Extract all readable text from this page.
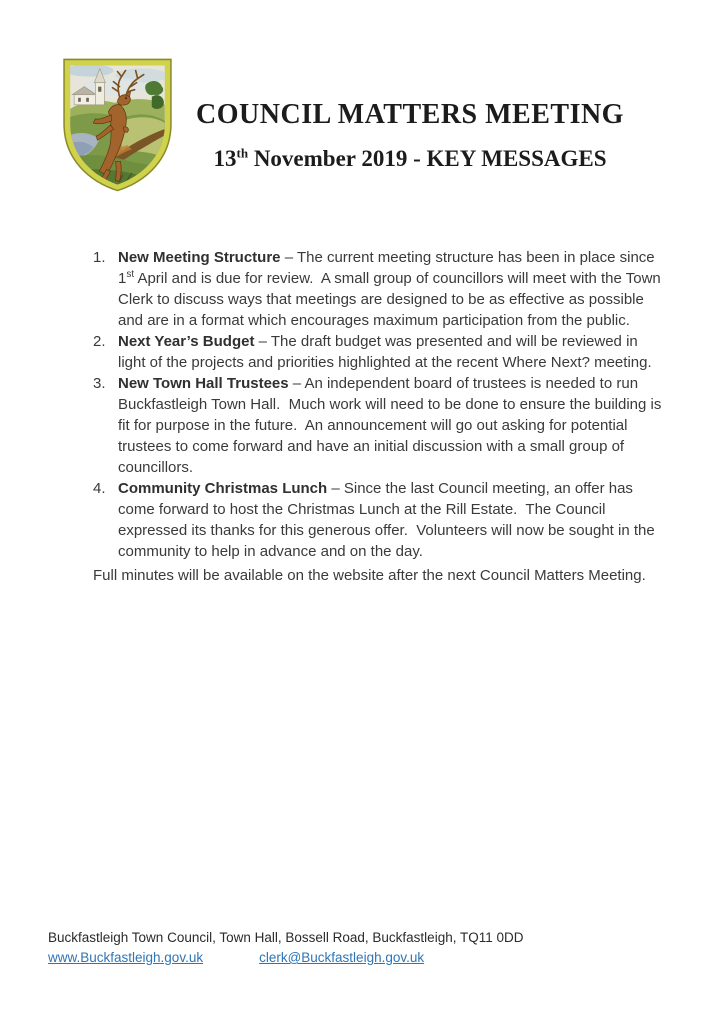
COUNCIL MATTERS MEETING
13th November 2019 - KEY MESSAGES
1. New Meeting Structure – The current meeting structure has been in place since 1st April and is due for review.  A small group of councillors will meet with the Town Clerk to discuss ways that meetings are designed to be as effective as possible and are in a format which encourages maximum participation from the public.
2. Next Year’s Budget – The draft budget was presented and will be reviewed in light of the projects and priorities highlighted at the recent Where Next? meeting.
3. New Town Hall Trustees – An independent board of trustees is needed to run Buckfastleigh Town Hall.  Much work will need to be done to ensure the building is fit for purpose in the future.  An announcement will go out asking for potential trustees to come forward and have an initial discussion with a small group of councillors.
4. Community Christmas Lunch – Since the last Council meeting, an offer has come forward to host the Christmas Lunch at the Rill Estate.  The Council expressed its thanks for this generous offer.  Volunteers will now be sought in the community to help in advance and on the day.

Full minutes will be available on the website after the next Council Matters Meeting.

Buckfastleigh Town Council, Town Hall, Bossell Road, Buckfastleigh, TQ11 0DD
www.Buckfastleigh.gov.uk	clerk@Buckfastleigh.gov.uk
